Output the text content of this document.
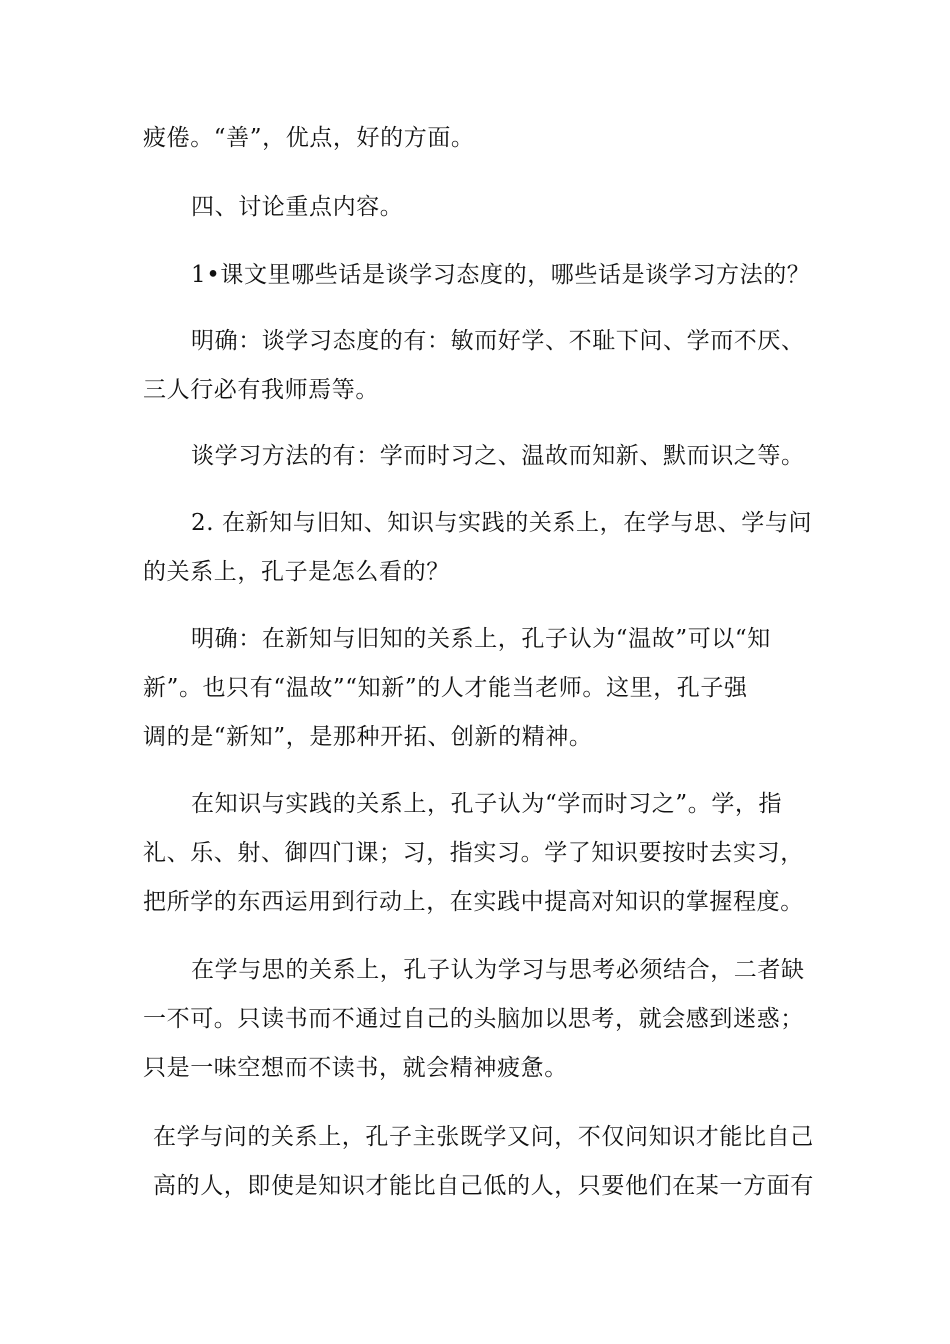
疲倦。“善”，优点，好的方面。
四、讨论重点内容。
1•课文里哪些话是谈学习态度的，哪些话是谈学习方法的？
明确：谈学习态度的有：敏而好学、不耻下问、学而不厌、
三人行必有我师焉等。
谈学习方法的有：学而时习之、温故而知新、默而识之等。
2. 在新知与旧知、知识与实践的关系上，在学与思、学与问
的关系上，孔子是怎么看的？
明确：在新知与旧知的关系上，孔子认为“温故”可以“知
新”。也只有“温故”“知新”的人才能当老师。这里，孔子强
调的是“新知”，是那种开拓、创新的精神。
在知识与实践的关系上，孔子认为“学而时习之”。学，指
礼、乐、射、御四门课；习，指实习。学了知识要按时去实习，
把所学的东西运用到行动上，在实践中提高对知识的掌握程度。
在学与思的关系上，孔子认为学习与思考必须结合，二者缺
一不可。只读书而不通过自己的头脑加以思考，就会感到迷惑；
只是一味空想而不读书，就会精神疲惫。
在学与问的关系上，孔子主张既学又问，不仅问知识才能比自己
高的人，即使是知识才能比自己低的人，只要他们在某一方面有
